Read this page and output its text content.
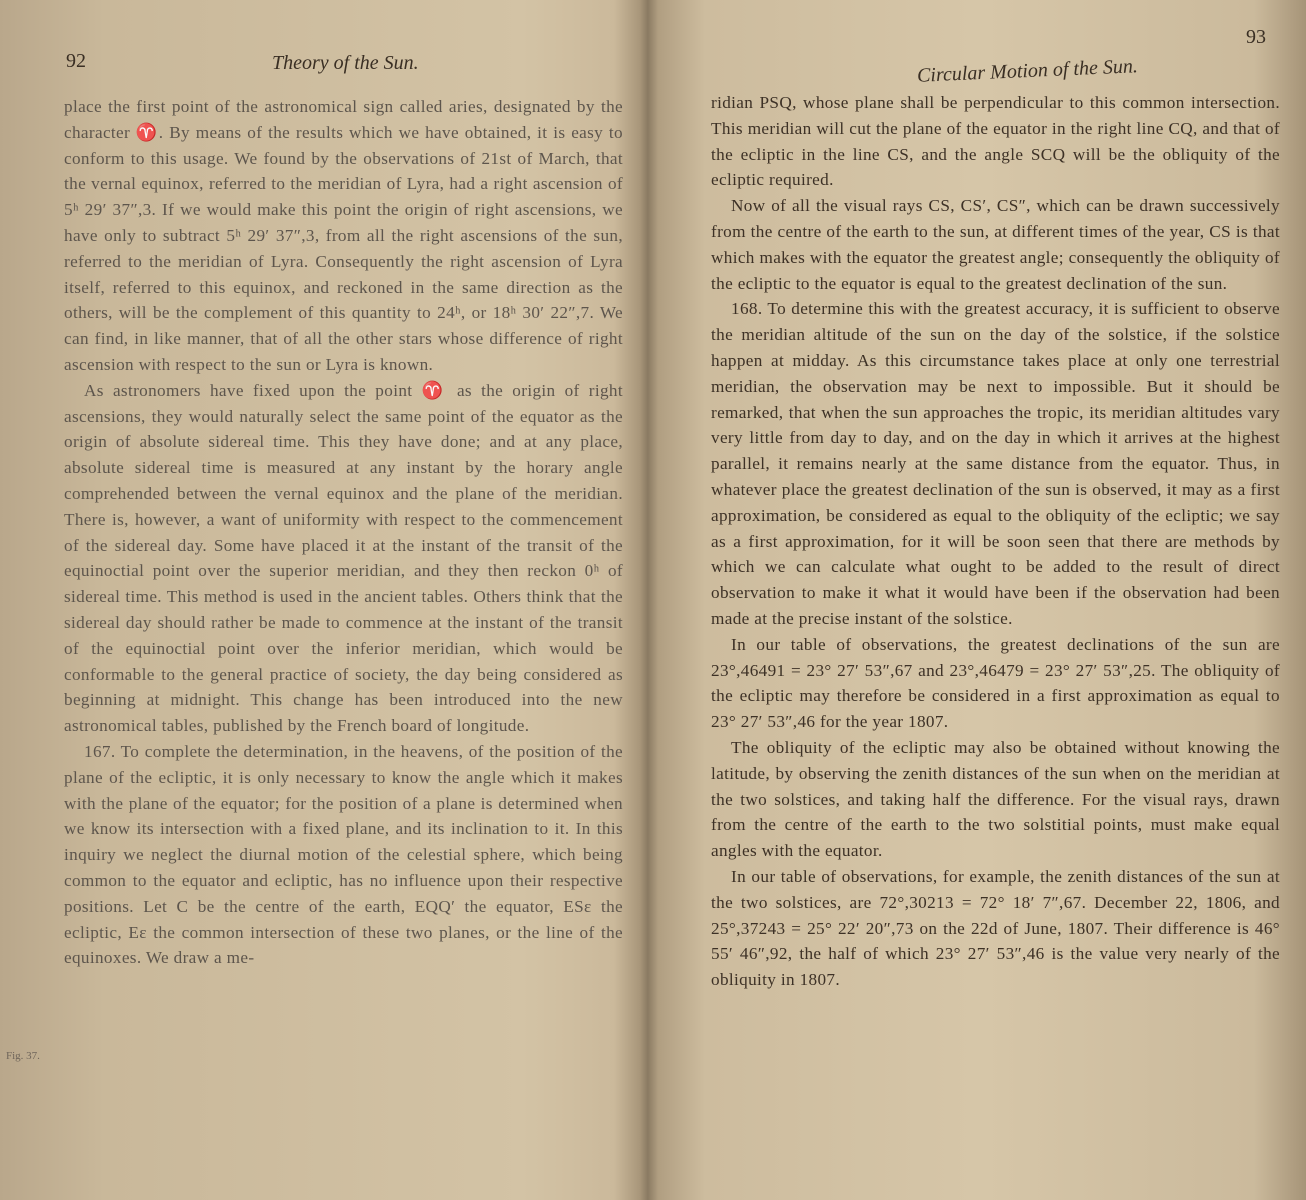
92	Theory of the Sun.

place the first point of the astronomical sign called aries, designated by the character ♈. By means of the results which we have obtained, it is easy to conform to this usage. We found by the observations of 21st of March, that the vernal equinox, referred to the meridian of Lyra, had a right ascension of 5ʰ 29′ 37″,3. If we would make this point the origin of right ascensions, we have only to subtract 5ʰ 29′ 37″,3, from all the right ascensions of the sun, referred to the meridian of Lyra. Consequently the right ascension of Lyra itself, referred to this equinox, and reckoned in the same direction as the others, will be the complement of this quantity to 24ʰ, or 18ʰ 30′ 22″,7. We can find, in like manner, that of all the other stars whose difference of right ascension with respect to the sun or Lyra is known.

As astronomers have fixed upon the point ♈ as the origin of right ascensions, they would naturally select the same point of the equator as the origin of absolute sidereal time. This they have done; and at any place, absolute sidereal time is measured at any instant by the horary angle comprehended between the vernal equinox and the plane of the meridian. There is, however, a want of uniformity with respect to the commencement of the sidereal day. Some have placed it at the instant of the transit of the equinoctial point over the superior meridian, and they then reckon 0ʰ of sidereal time. This method is used in the ancient tables. Others think that the sidereal day should rather be made to commence at the instant of the transit of the equinoctial point over the inferior meridian, which would be conformable to the general practice of society, the day being considered as beginning at midnight. This change has been introduced into the new astronomical tables, published by the French board of longitude.

167. To complete the determination, in the heavens, of the position of the plane of the ecliptic, it is only necessary to know the angle which it makes with the plane of the equator; for the position of a plane is determined when we know its intersection with a fixed plane, and its inclination to it. In this inquiry we neglect the diurnal motion of the celestial sphere, which being common to the equator and ecliptic, has no influence upon their respective positions. Let C be the centre of the earth, EQQ′ the equator, ESε the ecliptic, Eε the common intersection of these two planes, or the line of the equinoxes. We draw a me-

Fig. 37.
93
Circular Motion of the Sun.

ridian PSQ, whose plane shall be perpendicular to this common intersection. This meridian will cut the plane of the equator in the right line CQ, and that of the ecliptic in the line CS, and the angle SCQ will be the obliquity of the ecliptic required.

Now of all the visual rays CS, CS′, CS″, which can be drawn successively from the centre of the earth to the sun, at different times of the year, CS is that which makes with the equator the greatest angle; consequently the obliquity of the ecliptic to the equator is equal to the greatest declination of the sun.

168. To determine this with the greatest accuracy, it is sufficient to observe the meridian altitude of the sun on the day of the solstice, if the solstice happen at midday. As this circumstance takes place at only one terrestrial meridian, the observation may be next to impossible. But it should be remarked, that when the sun approaches the tropic, its meridian altitudes vary very little from day to day, and on the day in which it arrives at the highest parallel, it remains nearly at the same distance from the equator. Thus, in whatever place the greatest declination of the sun is observed, it may as a first approximation, be considered as equal to the obliquity of the ecliptic; we say as a first approximation, for it will be soon seen that there are methods by which we can calculate what ought to be added to the result of direct observation to make it what it would have been if the observation had been made at the precise instant of the solstice.

In our table of observations, the greatest declinations of the sun are 23°,46491 = 23° 27′ 53″,67 and 23°,46479 = 23° 27′ 53″,25. The obliquity of the ecliptic may therefore be considered in a first approximation as equal to 23° 27′ 53″,46 for the year 1807.

The obliquity of the ecliptic may also be obtained without knowing the latitude, by observing the zenith distances of the sun when on the meridian at the two solstices, and taking half the difference. For the visual rays, drawn from the centre of the earth to the two solstitial points, must make equal angles with the equator.

In our table of observations, for example, the zenith distances of the sun at the two solstices, are 72°,30213 = 72° 18′ 7″,67. December 22, 1806, and 25°,37243 = 25° 22′ 20″,73 on the 22d of June, 1807. Their difference is 46° 55′ 46″,92, the half of which 23° 27′ 53″,46 is the value very nearly of the obliquity in 1807.
